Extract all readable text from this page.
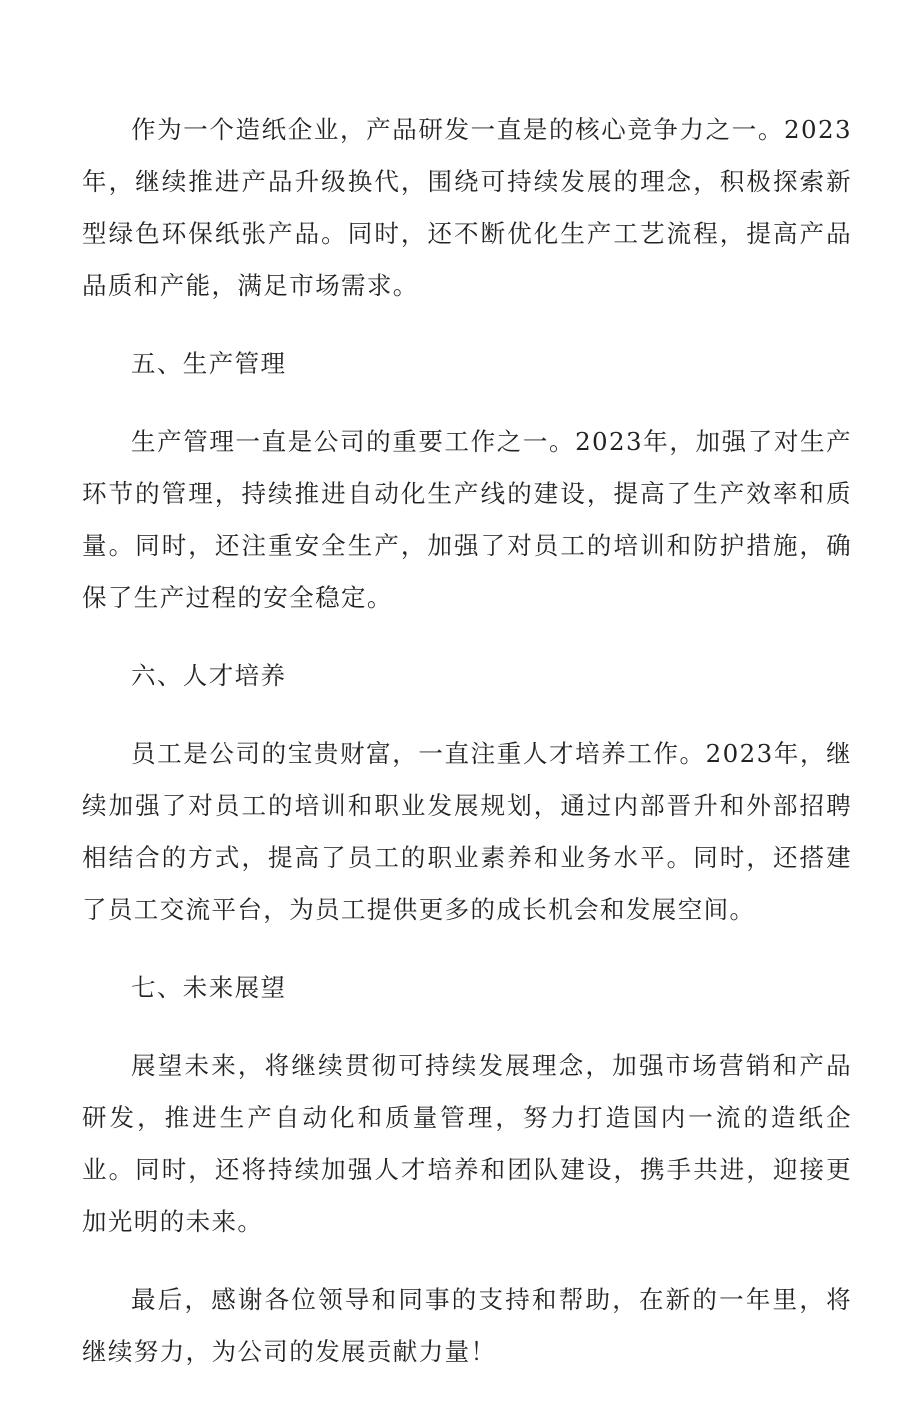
作为一个造纸企业，产品研发一直是的核心竞争力之一。2023年，继续推进产品升级换代，围绕可持续发展的理念，积极探索新型绿色环保纸张产品。同时，还不断优化生产工艺流程，提高产品品质和产能，满足市场需求。

五、生产管理

生产管理一直是公司的重要工作之一。2023年，加强了对生产环节的管理，持续推进自动化生产线的建设，提高了生产效率和质量。同时，还注重安全生产，加强了对员工的培训和防护措施，确保了生产过程的安全稳定。

六、人才培养

员工是公司的宝贵财富，一直注重人才培养工作。2023年，继续加强了对员工的培训和职业发展规划，通过内部晋升和外部招聘相结合的方式，提高了员工的职业素养和业务水平。同时，还搭建了员工交流平台，为员工提供更多的成长机会和发展空间。

七、未来展望

展望未来，将继续贯彻可持续发展理念，加强市场营销和产品研发，推进生产自动化和质量管理，努力打造国内一流的造纸企业。同时，还将持续加强人才培养和团队建设，携手共进，迎接更加光明的未来。

最后，感谢各位领导和同事的支持和帮助，在新的一年里，将继续努力，为公司的发展贡献力量！
